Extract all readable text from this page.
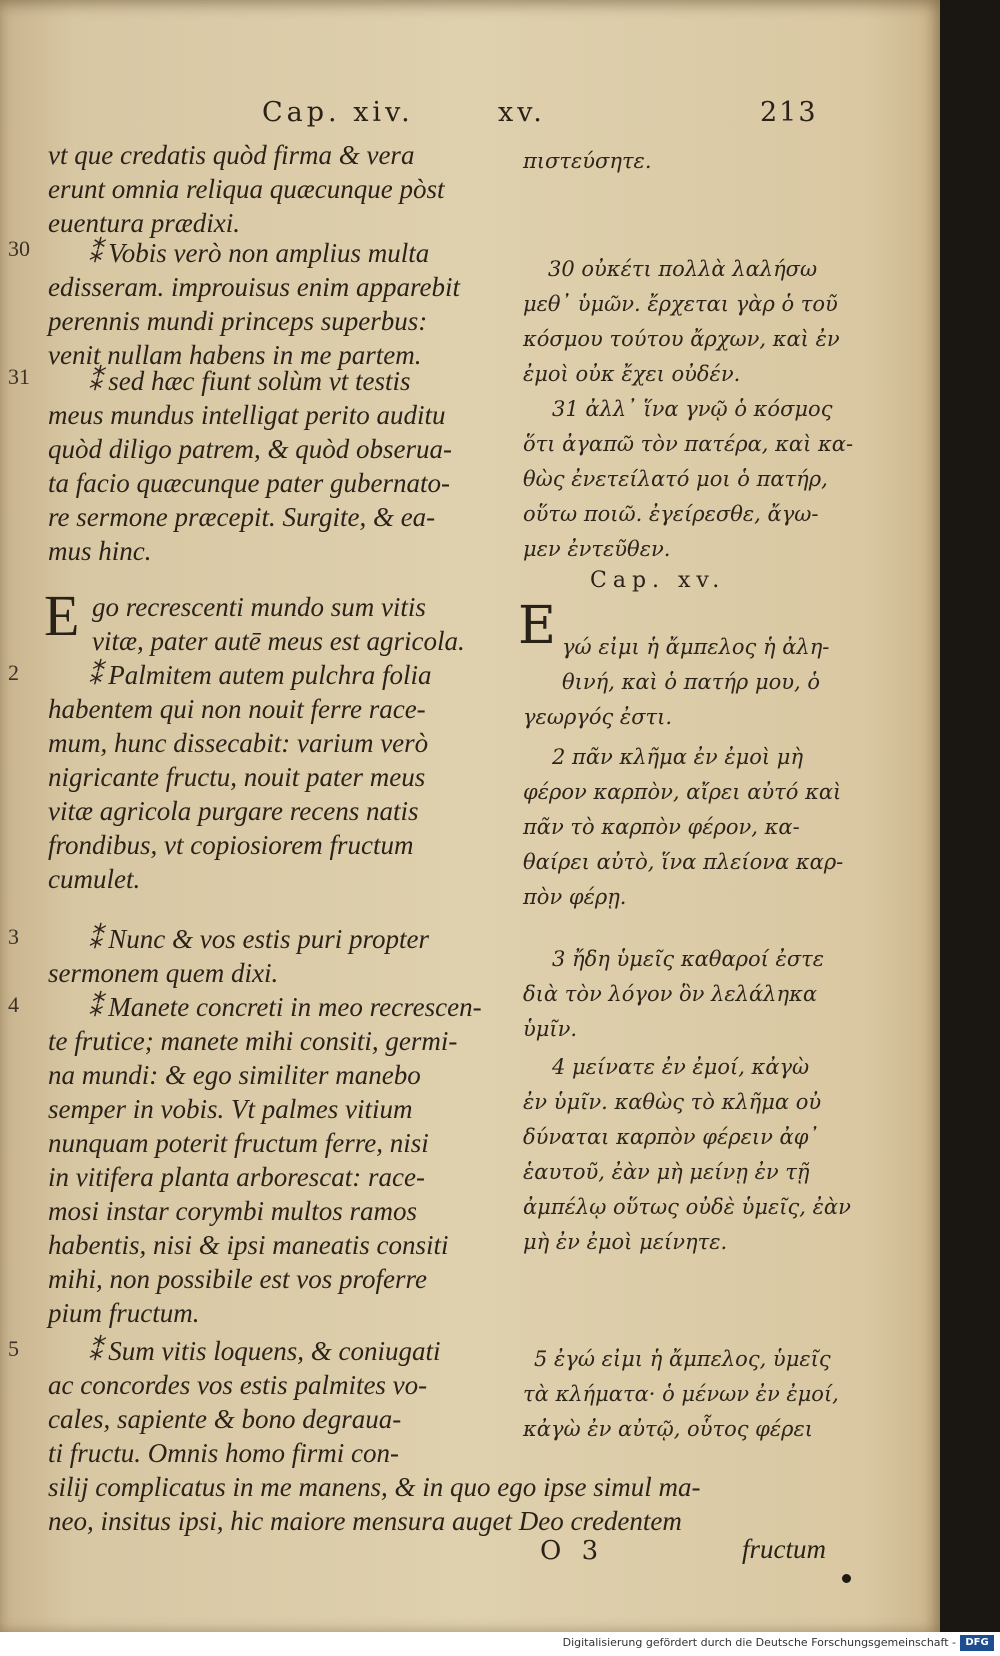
Cap. xiv.	xv.	213
vt que credatis quòd firma & vera
erunt omnia reliqua quæcunque pòst
euentura prædixi.
30 ⁑ Vobis verò non amplius multa
edisseram. improuisus enim apparebit
perennis mundi princeps superbus:
venit nullam habens in me partem.
31 ⁑ sed hæc fiunt solùm vt testis
meus mundus intelligat perito auditu
quòd diligo patrem, & quòd obserua-
ta facio quæcunque pater gubernato-
re sermone præcepit. Surgite, & ea-
mus hinc.
E go recrescenti mundo sum vitis
vitæ, pater autē meus est agricola.
2	⁑ Palmitem autem pulchra folia
habentem qui non nouit ferre race-
mum, hunc dissecabit: varium verò
nigricante fructu, nouit pater meus
vitæ agricola purgare recens natis
frondibus, vt copiosiorem fructum
cumulet.
3	⁑ Nunc & vos estis puri propter
sermonem quem dixi.
4	⁑ Manete concreti in meo recrescen-
te frutice; manete mihi consiti, germi-
na mundi: & ego similiter manebo
semper in vobis. Vt palmes vitium
nunquam poterit fructum ferre, nisi
in vitifera planta arborescat: race-
mosi instar corymbi multos ramos
habentis, nisi & ipsi maneatis consiti
mihi, non possibile est vos proferre
pium fructum.
5	⁑ Sum vitis loquens, & coniugati
ac concordes vos estis palmites vo-
cales, sapiente & bono degraua-
ti fructu. Omnis homo firmi con-
silij complicatus in me manens, & in quo ego ipse simul ma-
neo, insitus ipsi, hic maiore mensura auget Deo credentem
πιστεύσητε.
30 οὐκέτι πολλὰ λαλήσω
μεθ᾽ ὑμῶν. ἔρχεται γὰρ ὁ τοῦ
κόσμου τούτου ἄρχων, καὶ ἐν
ἐμοὶ οὐκ ἔχει οὐδέν.
31 ἀλλ᾽ ἵνα γνῷ ὁ κόσμος
ὅτι ἀγαπῶ τὸν πατέρα, καὶ κα-
θὼς ἐνετείλατό μοι ὁ πατήρ,
οὕτω ποιῶ. ἐγείρεσθε, ἄγω-
μεν ἐντεῦθεν.
Cap. xv.
E γώ εἰμι ἡ ἄμπελος ἡ ἀλη-
θινή, καὶ ὁ πατήρ μου, ὁ
γεωργός ἐστι.
2 πᾶν κλῆμα ἐν ἐμοὶ μὴ
φέρον καρπὸν, αἴρει αὐτό καὶ
πᾶν τὸ καρπὸν φέρον, κα-
θαίρει αὐτὸ, ἵνα πλείονα καρ-
πὸν φέρῃ.
3 ἤδη ὑμεῖς καθαροί ἐστε
διὰ τὸν λόγον ὃν λελάληκα
ὑμῖν.
4 μείνατε ἐν ἐμοί, κἀγὼ
ἐν ὑμῖν. καθὼς τὸ κλῆμα οὐ
δύναται καρπὸν φέρειν ἀφ᾽
ἑαυτοῦ, ἐὰν μὴ μείνῃ ἐν τῇ
ἀμπέλῳ οὕτως οὐδὲ ὑμεῖς, ἐὰν
μὴ ἐν ἐμοὶ μείνητε.
5 ἐγώ εἰμι ἡ ἄμπελος, ὑμεῖς
τὰ κλήματα· ὁ μένων ἐν ἐμοί,
κἀγὼ ἐν αὐτῷ, οὗτος φέρει
O 3	fructum
Digitalisierung gefördert durch die Deutsche Forschungsgemeinschaft - DFG
